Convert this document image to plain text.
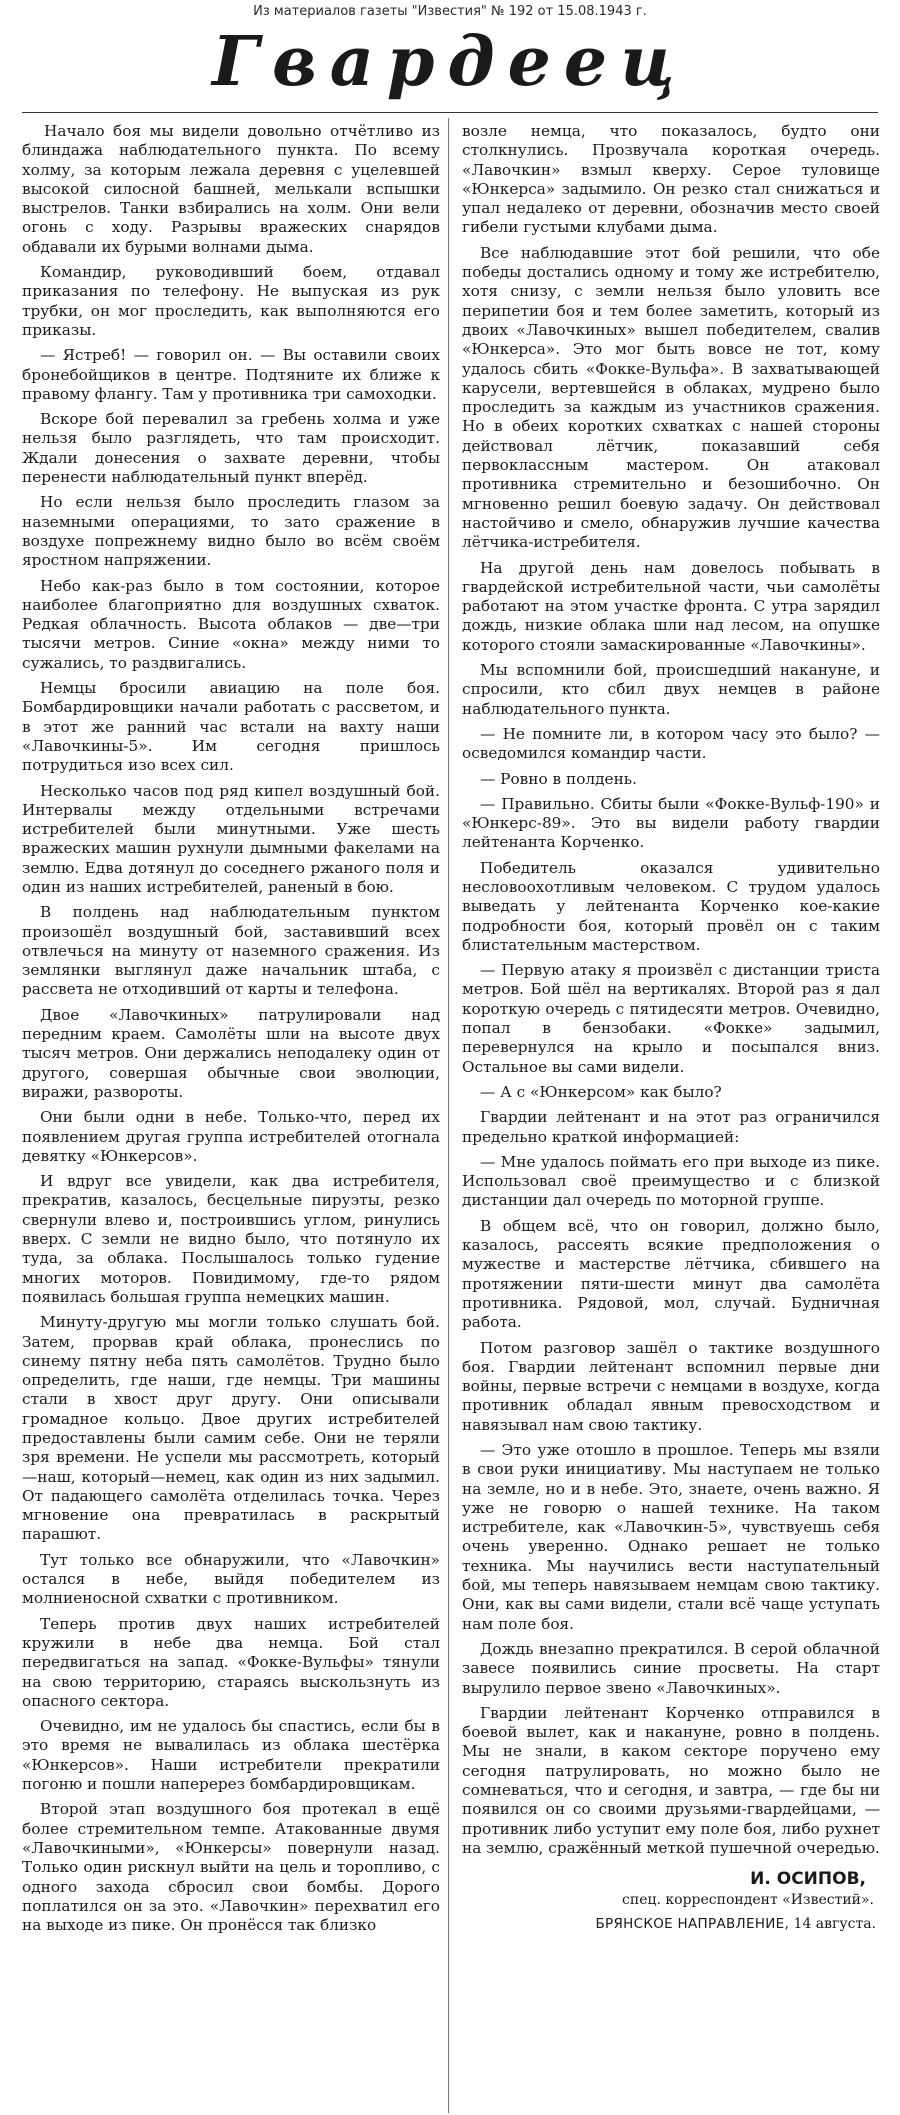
Из материалов газеты "Известия" № 192 от 15.08.1943 г.
Гвардеец

Начало боя мы видели довольно отчётливо из блиндажа наблюдательного пункта. По всему холму, за которым лежала деревня с уцелевшей высокой силосной башней, мелькали вспышки выстрелов. Танки взбирались на холм. Они вели огонь с ходу. Разрывы вражеских снарядов обдавали их бурыми волнами дыма.

Командир, руководивший боем, отдавал приказания по телефону. Не выпуская из рук трубки, он мог проследить, как выполняются его приказы.

— Ястреб! — говорил он. — Вы оставили своих бронебойщиков в центре. Подтяните их ближе к правому флангу. Там у противника три самоходки.

Вскоре бой перевалил за гребень холма и уже нельзя было разглядеть, что там происходит. Ждали донесения о захвате деревни, чтобы перенести наблюдательный пункт вперёд.

Но если нельзя было проследить глазом за наземными операциями, то зато сражение в воздухе попрежнему видно было во всём своём яростном напряжении.

Небо как-раз было в том состоянии, которое наиболее благоприятно для воздушных схваток. Редкая облачность. Высота облаков — две—три тысячи метров. Синие «окна» между ними то сужались, то раздвигались.

Немцы бросили авиацию на поле боя. Бомбардировщики начали работать с рассветом, и в этот же ранний час встали на вахту наши «Лавочкины-5». Им сегодня пришлось потрудиться изо всех сил.

Несколько часов под ряд кипел воздушный бой. Интервалы между отдельными встречами истребителей были минутными. Уже шесть вражеских машин рухнули дымными факелами на землю. Едва дотянул до соседнего ржаного поля и один из наших истребителей, раненый в бою.

В полдень над наблюдательным пунктом произошёл воздушный бой, заставивший всех отвлечься на минуту от наземного сражения. Из землянки выглянул даже начальник штаба, с рассвета не отходивший от карты и телефона.

Двое «Лавочкиных» патрулировали над передним краем. Самолёты шли на высоте двух тысяч метров. Они держались неподалеку один от другого, совершая обычные свои эволюции, виражи, развороты.

Они были одни в небе. Только-что, перед их появлением другая группа истребителей отогнала девятку «Юнкерсов».

И вдруг все увидели, как два истребителя, прекратив, казалось, бесцельные пируэты, резко свернули влево и, построившись углом, ринулись вверх. С земли не видно было, что потянуло их туда, за облака. Послышалось только гудение многих моторов. Повидимому, где-то рядом появилась большая группа немецких машин.

Минуту-другую мы могли только слушать бой. Затем, прорвав край облака, пронеслись по синему пятну неба пять самолётов. Трудно было определить, где наши, где немцы. Три машины стали в хвост друг другу. Они описывали громадное кольцо. Двое других истребителей предоставлены были самим себе. Они не теряли зря времени. Не успели мы рассмотреть, который—наш, который—немец, как один из них задымил. От падающего самолёта отделилась точка. Через мгновение она превратилась в раскрытый парашют.

Тут только все обнаружили, что «Лавочкин» остался в небе, выйдя победителем из молниеносной схватки с противником.

Теперь против двух наших истребителей кружили в небе два немца. Бой стал передвигаться на запад. «Фокке-Вульфы» тянули на свою территорию, стараясь выскользнуть из опасного сектора.

Очевидно, им не удалось бы спастись, если бы в это время не вывалилась из облака шестёрка «Юнкерсов». Наши истребители прекратили погоню и пошли наперерез бомбардировщикам.

Второй этап воздушного боя протекал в ещё более стремительном темпе. Атакованные двумя «Лавочкиными», «Юнкерсы» повернули назад. Только один рискнул выйти на цель и торопливо, с одного захода сбросил свои бомбы. Дорого поплатился он за это. «Лавочкин» перехватил его на выходе из пике. Он пронёсся так близко

возле немца, что показалось, будто они столкнулись. Прозвучала короткая очередь. «Лавочкин» взмыл кверху. Серое туловище «Юнкерса» задымило. Он резко стал снижаться и упал недалеко от деревни, обозначив место своей гибели густыми клубами дыма.

Все наблюдавшие этот бой решили, что обе победы достались одному и тому же истребителю, хотя снизу, с земли нельзя было уловить все перипетии боя и тем более заметить, который из двоих «Лавочкиных» вышел победителем, свалив «Юнкерса». Это мог быть вовсе не тот, кому удалось сбить «Фокке-Вульфа». В захватывающей карусели, вертевшейся в облаках, мудрено было проследить за каждым из участников сражения. Но в обеих коротких схватках с нашей стороны действовал лётчик, показавший себя первоклассным мастером. Он атаковал противника стремительно и безошибочно. Он мгновенно решил боевую задачу. Он действовал настойчиво и смело, обнаружив лучшие качества лётчика-истребителя.

На другой день нам довелось побывать в гвардейской истребительной части, чьи самолёты работают на этом участке фронта. С утра зарядил дождь, низкие облака шли над лесом, на опушке которого стояли замаскированные «Лавочкины».

Мы вспомнили бой, происшедший накануне, и спросили, кто сбил двух немцев в районе наблюдательного пункта.

— Не помните ли, в котором часу это было? — осведомился командир части.

— Ровно в полдень.

— Правильно. Сбиты были «Фокке-Вульф-190» и «Юнкерс-89». Это вы видели работу гвардии лейтенанта Корченко.

Победитель оказался удивительно несловоохотливым человеком. С трудом удалось выведать у лейтенанта Корченко кое-какие подробности боя, который провёл он с таким блистательным мастерством.

— Первую атаку я произвёл с дистанции триста метров. Бой шёл на вертикалях. Второй раз я дал короткую очередь с пятидесяти метров. Очевидно, попал в бензобаки. «Фокке» задымил, перевернулся на крыло и посыпался вниз. Остальное вы сами видели.

— А с «Юнкерсом» как было?

Гвардии лейтенант и на этот раз ограничился предельно краткой информацией:

— Мне удалось поймать его при выходе из пике. Использовал своё преимущество и с близкой дистанции дал очередь по моторной группе.

В общем всё, что он говорил, должно было, казалось, рассеять всякие предположения о мужестве и мастерстве лётчика, сбившего на протяжении пяти-шести минут два самолёта противника. Рядовой, мол, случай. Будничная работа.

Потом разговор зашёл о тактике воздушного боя. Гвардии лейтенант вспомнил первые дни войны, первые встречи с немцами в воздухе, когда противник обладал явным превосходством и навязывал нам свою тактику.

— Это уже отошло в прошлое. Теперь мы взяли в свои руки инициативу. Мы наступаем не только на земле, но и в небе. Это, знаете, очень важно. Я уже не говорю о нашей технике. На таком истребителе, как «Лавочкин-5», чувствуешь себя очень уверенно. Однако решает не только техника. Мы научились вести наступательный бой, мы теперь навязываем немцам свою тактику. Они, как вы сами видели, стали всё чаще уступать нам поле боя.

Дождь внезапно прекратился. В серой облачной завесе появились синие просветы. На старт вырулило первое звено «Лавочкиных».

Гвардии лейтенант Корченко отправился в боевой вылет, как и накануне, ровно в полдень. Мы не знали, в каком секторе поручено ему сегодня патрулировать, но можно было не сомневаться, что и сегодня, и завтра, — где бы ни появился он со своими друзьями-гвардейцами, — противник либо уступит ему поле боя, либо рухнет на землю, сражённый меткой пушечной очередью.

И. ОСИПОВ,
спец. корреспондент «Известий».
БРЯНСКОЕ НАПРАВЛЕНИЕ, 14 августа.
